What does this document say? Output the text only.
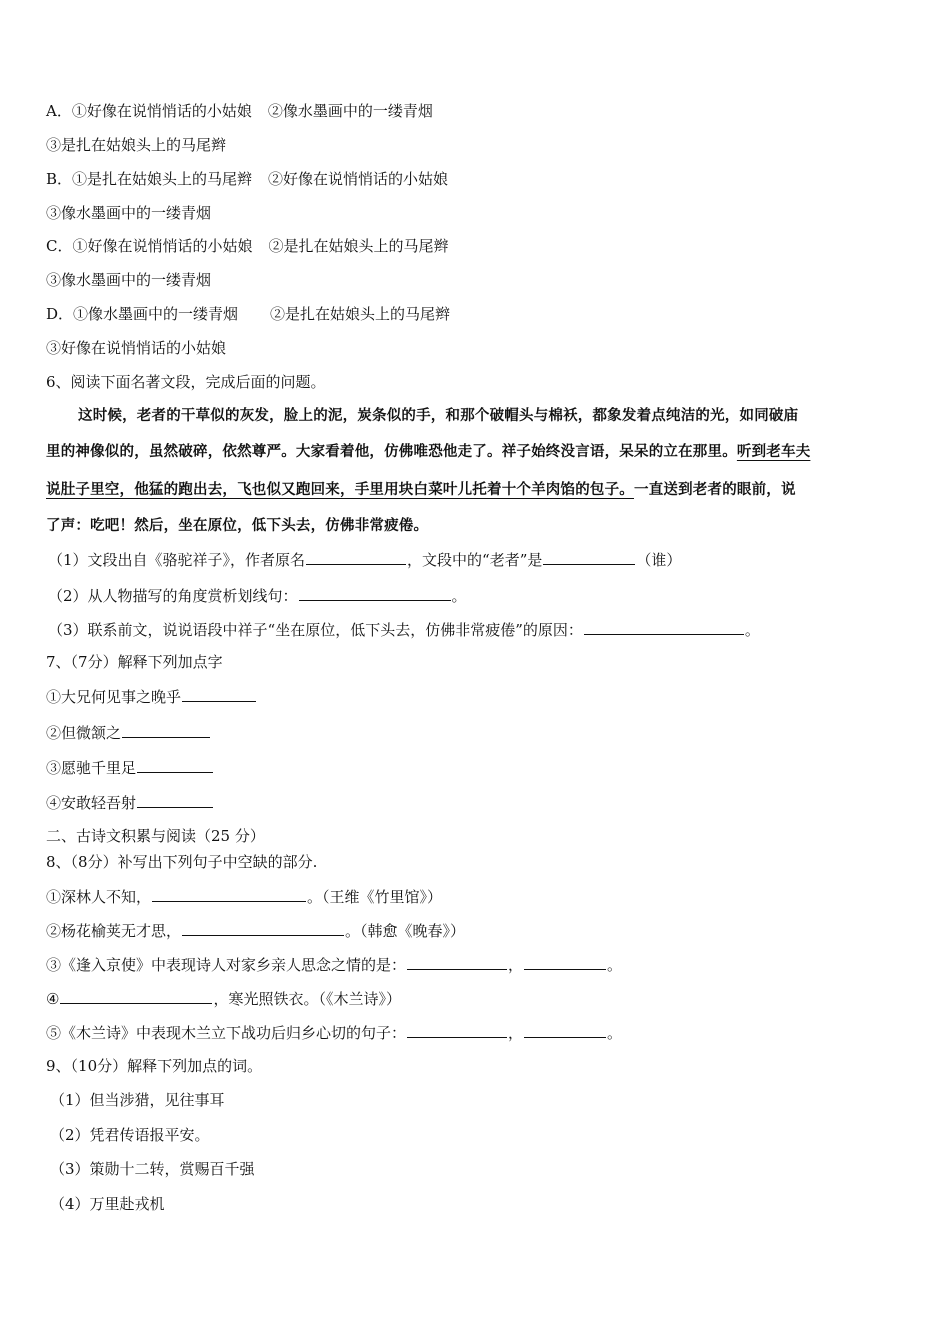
A．①好像在说悄悄话的小姑娘 ②像水墨画中的一缕青烟
③是扎在姑娘头上的马尾辫
B．①是扎在姑娘头上的马尾辫 ②好像在说悄悄话的小姑娘
③像水墨画中的一缕青烟
C．①好像在说悄悄话的小姑娘 ②是扎在姑娘头上的马尾辫
③像水墨画中的一缕青烟
D．①像水墨画中的一缕青烟 ②是扎在姑娘头上的马尾辫
③好像在说悄悄话的小姑娘
6、阅读下面名著文段，完成后面的问题。
这时候，老者的干草似的灰发，脸上的泥，炭条似的手，和那个破帽头与棉袄，都象发着点纯洁的光，如同破庙
里的神像似的，虽然破碎，依然尊严。大家看着他，仿佛唯恐他走了。祥子始终没言语，呆呆的立在那里。听到老车夫
说肚子里空，他猛的跑出去，飞也似又跑回来，手里用块白菜叶儿托着十个羊肉馅的包子。一直送到老者的眼前，说
了声：吃吧！然后，坐在原位，低下头去，仿佛非常疲倦。
（1）文段出自《骆驼祥子》，作者原名	，文段中的“老者”是	（谁）
（2）从人物描写的角度赏析划线句：	。
（3）联系前文，说说语段中祥子“坐在原位，低下头去，仿佛非常疲倦”的原因：	。
7、（7分）解释下列加点字
①大兄何见事之晚乎
②但微颔之
③愿驰千里足
④安敢轻吾射
二、古诗文积累与阅读（25 分）
8、（8分）补写出下列句子中空缺的部分.
①深林人不知，	。（王维《竹里馆》）
②杨花榆荚无才思，	。（韩愈《晚春》）
③《逢入京使》中表现诗人对家乡亲人思念之情的是：	，	。
④	，寒光照铁衣。（《木兰诗》）
⑤《木兰诗》中表现木兰立下战功后归乡心切的句子：	，	。
9、（10分）解释下列加点的词。
（1）但当涉猎，见往事耳
（2）凭君传语报平安。
（3）策勋十二转，赏赐百千强
（4）万里赴戎机
